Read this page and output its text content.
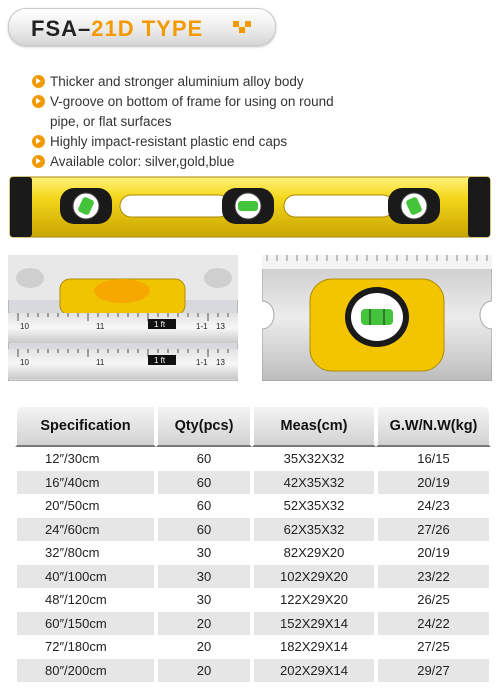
FSA–21D TYPE
Thicker and stronger aluminium alloy body
V-groove on bottom of frame for using on round
pipe, or flat surfaces
Highly impact-resistant plastic end caps
Available color: silver,gold,blue
10	11	1 ft	1-1 13
10	11	1 ft	1-1 13
Specification	Qty(pcs)	Meas(cm)	G.W/N.W(kg)
12″/30cm	60	35X32X32	16/15
16″/40cm	60	42X35X32	20/19
20″/50cm	60	52X35X32	24/23
24″/60cm	60	62X35X32	27/26
32″/80cm	30	82X29X20	20/19
40″/100cm	30	102X29X20	23/22
48″/120cm	30	122X29X20	26/25
60″/150cm	20	152X29X14	24/22
72″/180cm	20	182X29X14	27/25
80″/200cm	20	202X29X14	29/27
